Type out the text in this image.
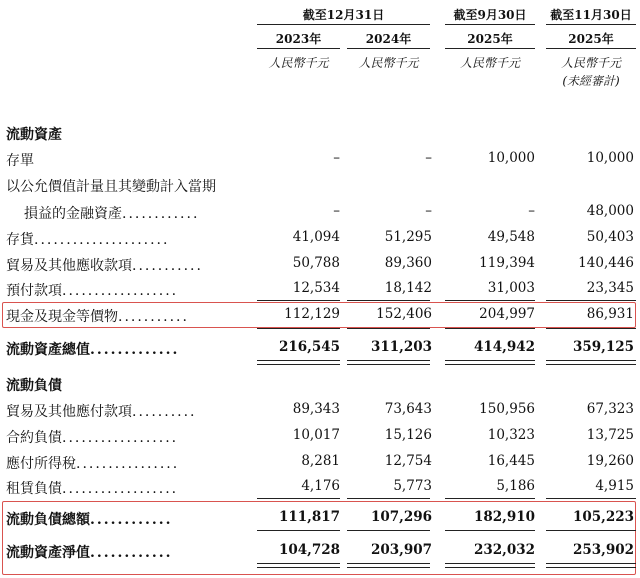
截至12月31日	截至9月30日	截至11月30日
2023年	2024年	2025年	2025年
人民幣千元	人民幣千元	人民幣千元	人民幣千元
(未經審計)
流動資產
存單	–	–	10,000	10,000
以公允價值計量且其變動計入當期
損益的金融資產............	–	–	–	48,000
存貨.....................	41,094	51,295	49,548	50,403
貿易及其他應收款項...........	50,788	89,360	119,394	140,446
預付款項..................	12,534	18,142	31,003	23,345
現金及現金等價物...........	112,129	152,406	204,997	86,931
流動資產總值.............	216,545	311,203	414,942	359,125
流動負債
貿易及其他應付款項..........	89,343	73,643	150,956	67,323
合約負債..................	10,017	15,126	10,323	13,725
應付所得稅................	8,281	12,754	16,445	19,260
租賃負債..................	4,176	5,773	5,186	4,915
流動負債總額............	111,817	107,296	182,910	105,223
流動資產淨值............	104,728	203,907	232,032	253,902
